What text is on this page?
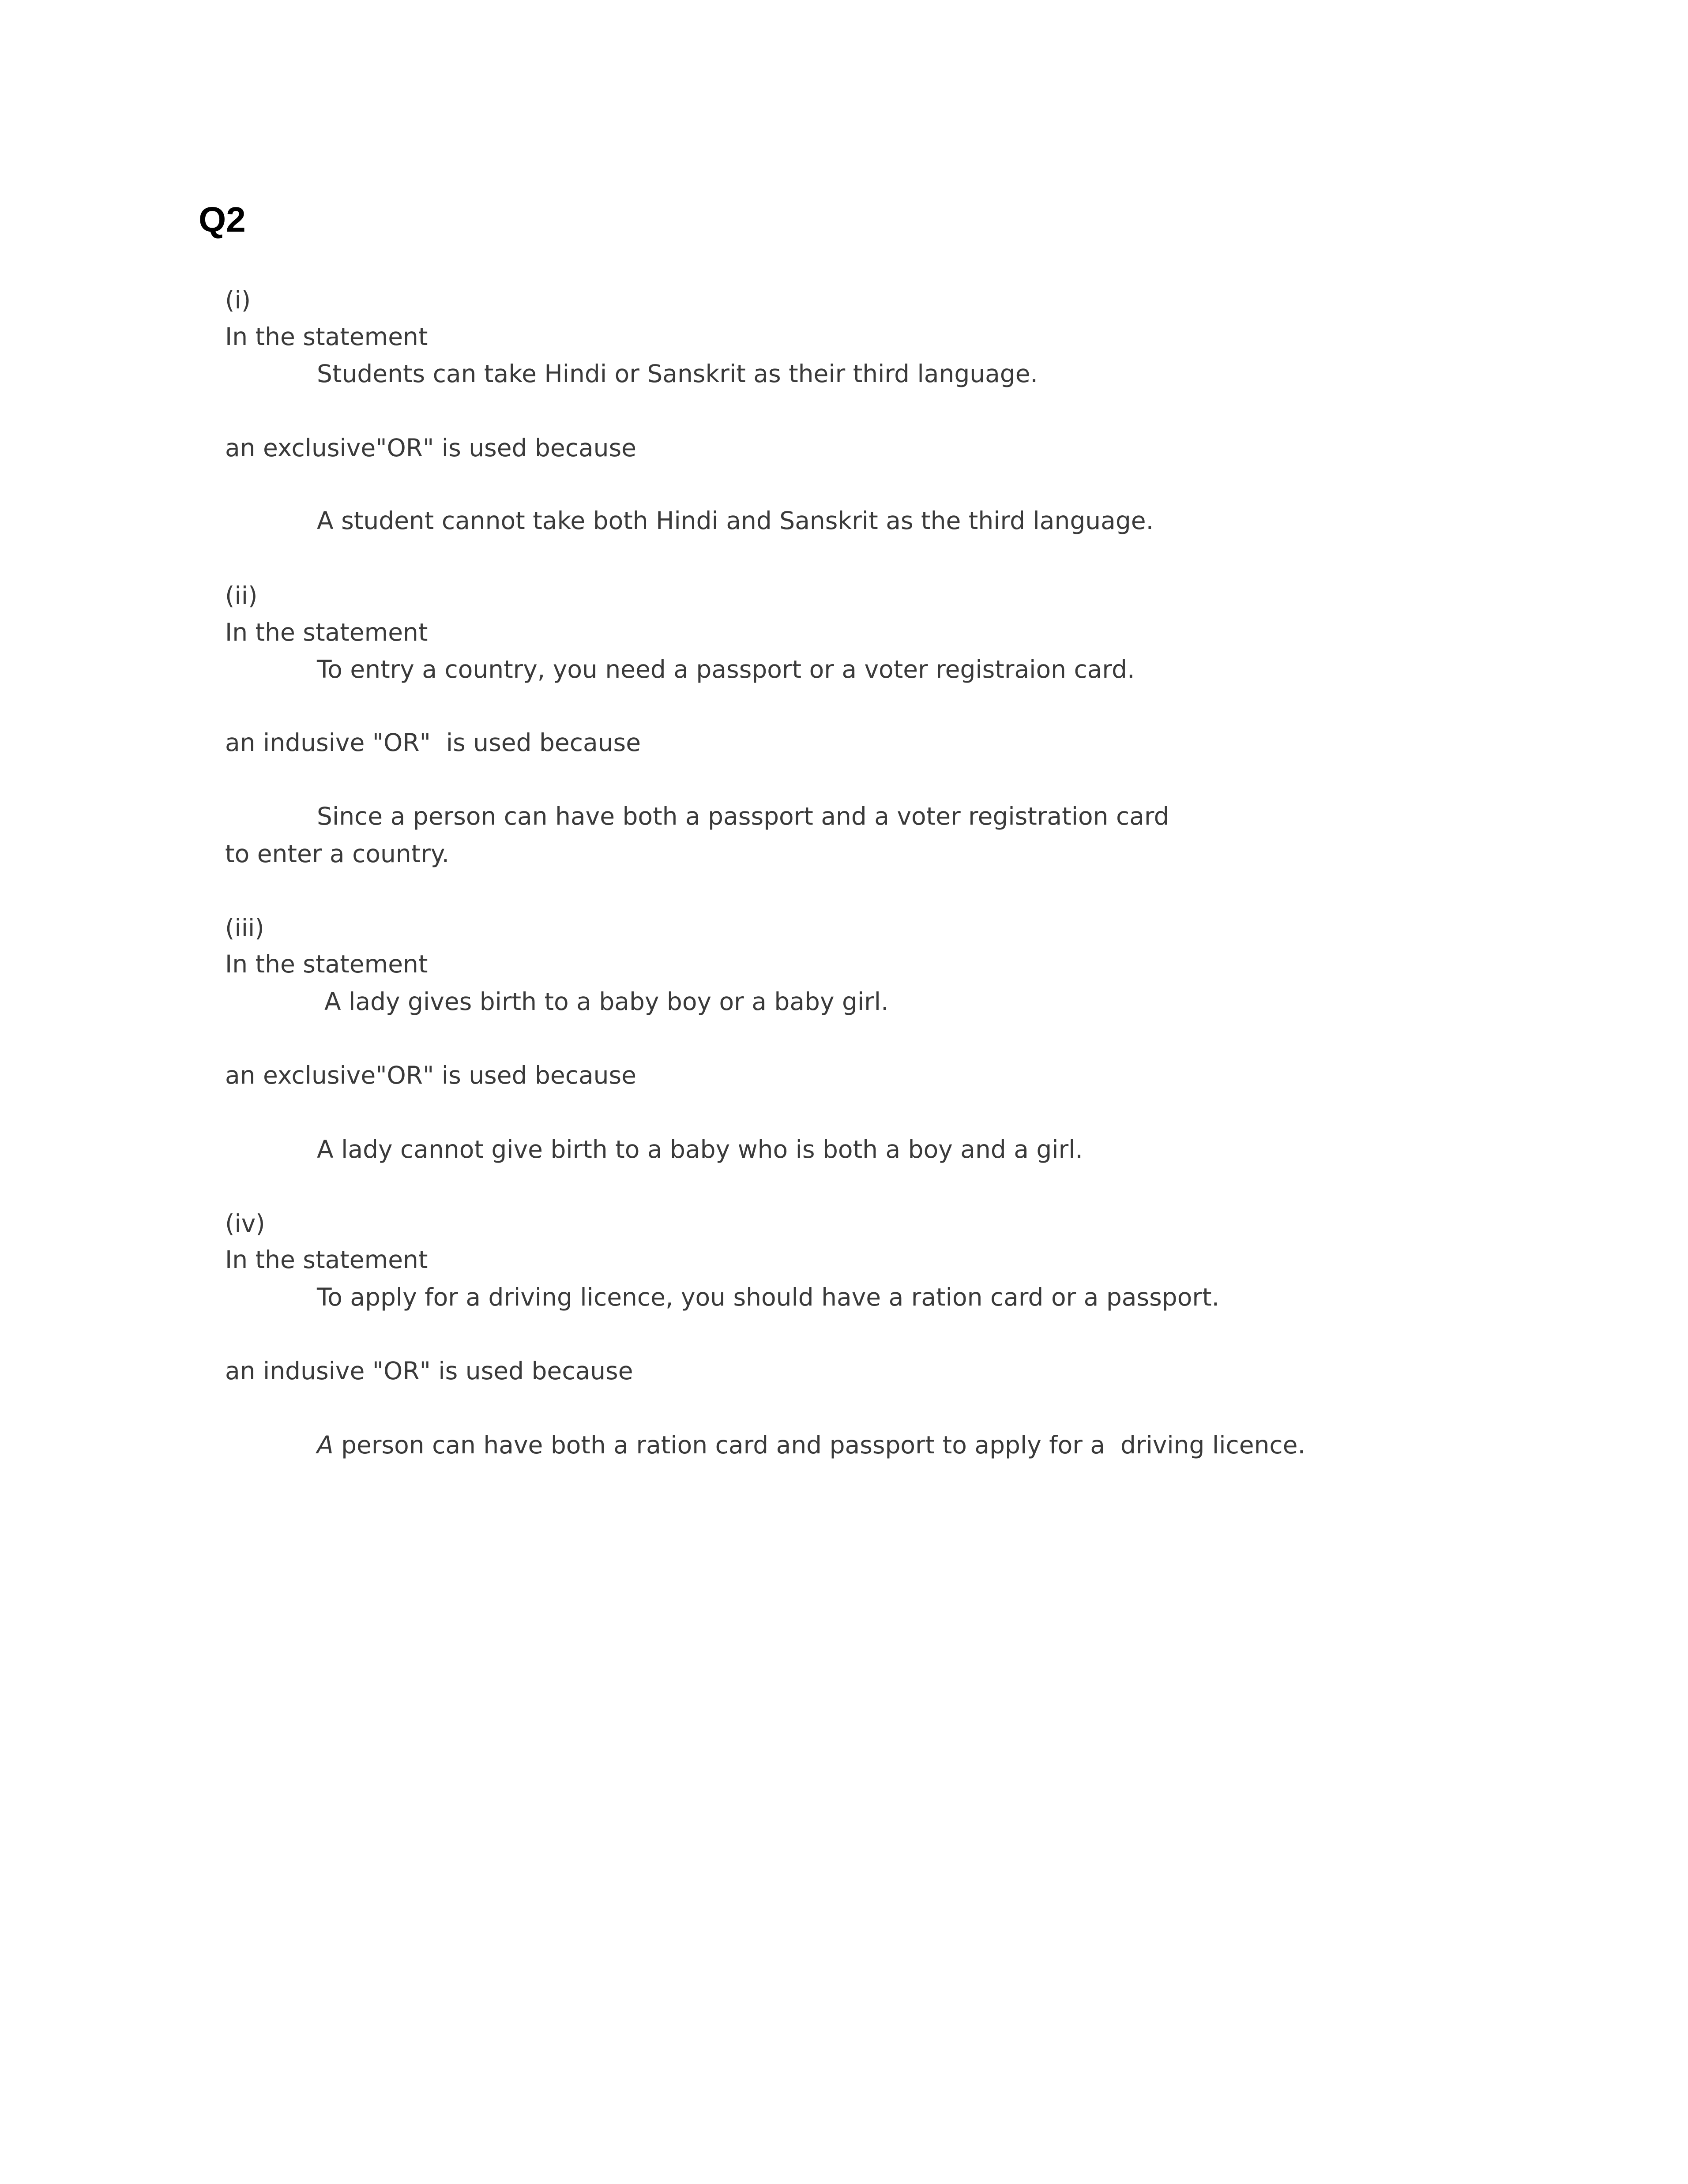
Q2
(i)
In the statement
Students can take Hindi or Sanskrit as their third language.
an exclusive"OR" is used because
A student cannot take both Hindi and Sanskrit as the third language.
(ii)
In the statement
To entry a country, you need a passport or a voter registraion card.
an indusive "OR"  is used because
Since a person can have both a passport and a voter registration card
to enter a country.
(iii)
In the statement
A lady gives birth to a baby boy or a baby girl.
an exclusive"OR" is used because
A lady cannot give birth to a baby who is both a boy and a girl.
(iv)
In the statement
To apply for a driving licence, you should have a ration card or a passport.
an indusive "OR" is used because
A person can have both a ration card and passport to apply for a  driving licence.
